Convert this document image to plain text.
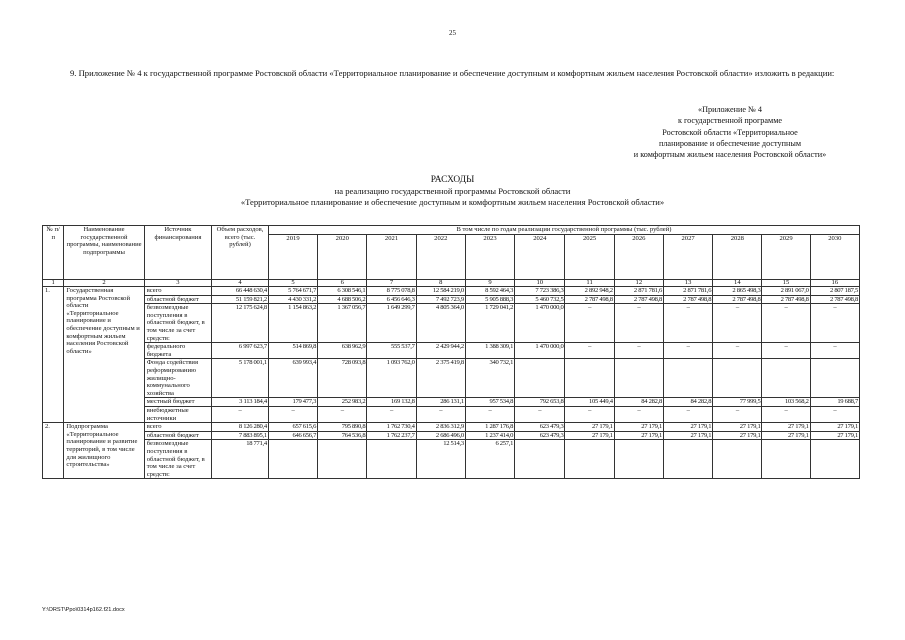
25

9. Приложение № 4 к государственной программе Ростовской области «Территориальное планирование и обеспечение доступным и комфортным жильем населения Ростовской области» изложить в редакции:

«Приложение № 4
к государственной программе
Ростовской области «Территориальное
планирование и обеспечение доступным
и комфортным жильем населения Ростовской области»
РАСХОДЫ
на реализацию государственной программы Ростовской области
«Территориальное планирование и обеспечение доступным и комфортным жильем населения Ростовской области»
№ п/п	Наименование государственной программы, наименование подпрограммы	Источник финансирования	Объем расходов, всего (тыс. рублей)	В том числе по годам реализации государственной программы (тыс. рублей)											
				2019	2020	2021	2022	2023	2024	2025	2026	2027	2028	2029	2030
1	2	3	4	5	6	7	8	9	10	11	12	13	14	15	16
1.	Государственная программа Ростовской области «Территориальное планирование и обеспечение доступным и комфортным жильем населения Ростовской области»	всего	66 448 630,4	5 764 671,7	6 308 546,1	8 775 078,8	12 584 219,0	8 592 464,3	7 723 386,3	2 892 948,2	2 871 781,6	2 871 781,6	2 865 498,3	2 891 067,0	2 807 187,5
		областной бюджет	51 159 821,2	4 430 331,2	4 688 506,2	6 456 646,3	7 492 723,9	5 905 888,3	5 460 732,5	2 787 498,8	2 787 498,8	2 787 498,8	2 787 498,8	2 787 498,8	2 787 498,8
		безвозмездные поступления в областной бюджет, в том числе за счет средств:	12 175 624,8	1 154 863,2	1 367 056,7	1 649 299,7	4 805 364,0	1 729 041,2	1 470 000,0	–	–	–	–	–	–
		федерального бюджета	6 997 623,7	514 869,8	638 962,9	555 537,7	2 429 944,2	1 388 309,1	1 470 000,0	–	–	–	–	–	–
		Фонда содействия реформированию жилищно-коммунального хозяйства	5 178 001,1	639 993,4	728 093,8	1 093 762,0	2 375 419,8	340 732,1							
		местный бюджет	3 113 184,4	179 477,3	252 983,2	169 132,8	286 131,1	957 534,8	792 653,8	105 449,4	84 282,8	84 282,8	77 999,5	103 568,2	19 688,7
		внебюджетные источники	–	–	–	–	–	–	–	–	–	–	–	–	–
2.	Подпрограмма «Территориальное планирование и развитие территорий, в том числе для жилищного строительства»	всего	8 126 280,4	657 615,6	795 890,8	1 762 730,4	2 836 312,9	1 287 176,8	623 479,3	27 179,1	27 179,1	27 179,1	27 179,1	27 179,1	27 179,1
		областной бюджет	7 883 895,1	646 656,7	764 536,8	1 762 237,7	2 686 496,0	1 237 414,0	623 479,3	27 179,1	27 179,1	27 179,1	27 179,1	27 179,1	27 179,1
		безвозмездные поступления в областной бюджет, в том числе за счет средств:	18 771,4				12 514,3	6 257,1							
Y:\ORST\Ppo\0314p162.f21.docx
